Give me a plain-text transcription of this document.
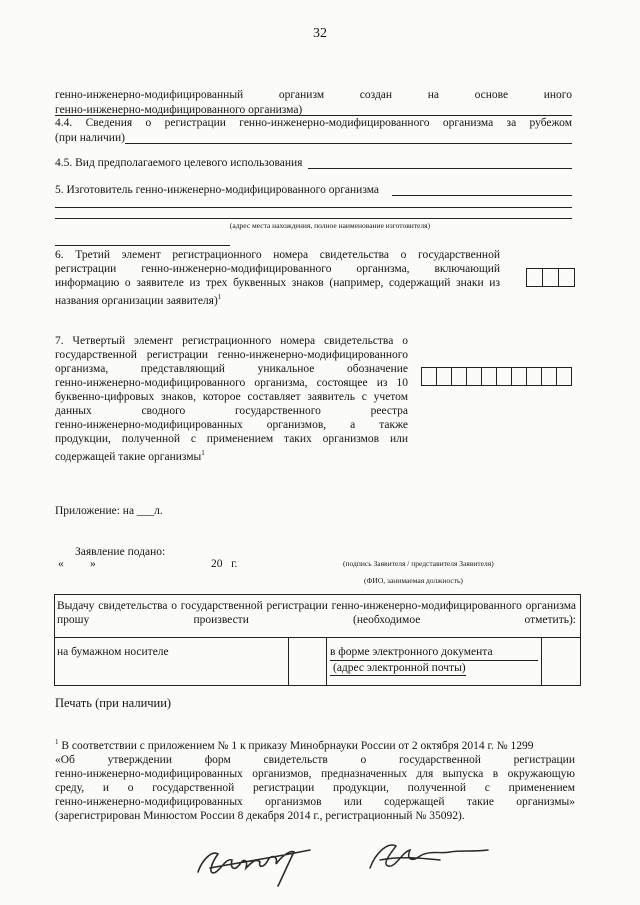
32
генно-инженерно-модифицированный организм создан на основе иного
генно-инженерно-модифицированного организма)
4.4. Сведения о регистрации генно-инженерно-модифицированного организма за рубежом
(при наличии)
4.5. Вид предполагаемого целевого использования
5. Изготовитель генно-инженерно-модифицированного организма
(адрес места нахождения, полное наименование изготовителя)
6. Третий элемент регистрационного номера свидетельства о государственной
регистрации генно-инженерно-модифицированного организма, включающий
информацию о заявителе из трех буквенных знаков (например, содержащий знаки из
названия организации заявителя)$^1$
7. Четвертый элемент регистрационного номера свидетельства о
государственной регистрации генно-инженерно-модифицированного
организма, представляющий уникальное обозначение
генно-инженерно-модифицированного организма, состоящее из 10
буквенно-цифровых знаков, которое составляет заявитель с учетом
данных сводного государственного реестра
генно-инженерно-модифицированных организмов, а также
продукции, полученной с применением таких организмов или
содержащей такие организмы$^1$
Приложение: на ___л.
Заявление подано:
« »	20   г.	(подпись Заявителя / представителя Заявителя)
(ФИО, занимаемая должность)
Выдачу свидетельства о государственной регистрации генно-инженерно-модифицированного организма прошу произвести (необходимое отметить):
на бумажном носителе	в форме электронного документа
(адрес электронной почты)
Печать (при наличии)
$^1$ В соответствии с приложением № 1 к приказу Минобрнауки России от 2 октября 2014 г. № 1299
«Об утверждении форм свидетельств о государственной регистрации
генно-инженерно-модифицированных организмов, предназначенных для выпуска в окружающую
среду, и о государственной регистрации продукции, полученной с применением
генно-инженерно-модифицированных организмов или содержащей такие организмы»
(зарегистрирован Минюстом России 8 декабря 2014 г., регистрационный № 35092).
